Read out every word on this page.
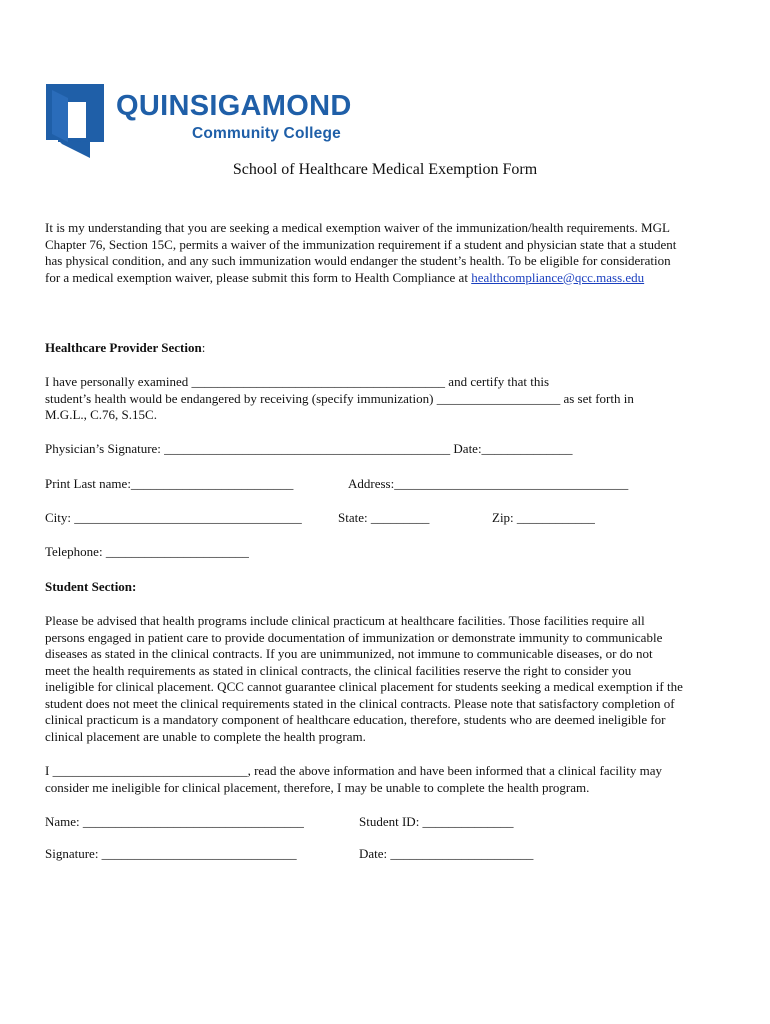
QUINSIGAMOND
Community College
School of Healthcare Medical Exemption Form
It is my understanding that you are seeking a medical exemption waiver of the immunization/health requirements. MGL
Chapter 76, Section 15C, permits a waiver of the immunization requirement if a student and physician state that a student
has physical condition, and any such immunization would endanger the student’s health. To be eligible for consideration
for a medical exemption waiver, please submit this form to Health Compliance at healthcompliance@qcc.mass.edu
Healthcare Provider Section:
I have personally examined _______________________________________ and certify that this
student’s health would be endangered by receiving (specify immunization) ___________________ as set forth in
M.G.L., C.76, S.15C.
Physician’s Signature: ____________________________________________ Date:______________
Print Last name:_________________________	Address:____________________________________
City: ___________________________________	State: _________	Zip: ____________
Telephone: ______________________
Student Section:
Please be advised that health programs include clinical practicum at healthcare facilities. Those facilities require all
persons engaged in patient care to provide documentation of immunization or demonstrate immunity to communicable
diseases as stated in the clinical contracts. If you are unimmunized, not immune to communicable diseases, or do not
meet the health requirements as stated in clinical contracts, the clinical facilities reserve the right to consider you
ineligible for clinical placement. QCC cannot guarantee clinical placement for students seeking a medical exemption if the
student does not meet the clinical requirements stated in the clinical contracts. Please note that satisfactory completion of
clinical practicum is a mandatory component of healthcare education, therefore, students who are deemed ineligible for
clinical placement are unable to complete the health program.
I ______________________________, read the above information and have been informed that a clinical facility may
consider me ineligible for clinical placement, therefore, I may be unable to complete the health program.
Name: __________________________________	Student ID: ______________
Signature: ______________________________	Date: ______________________
